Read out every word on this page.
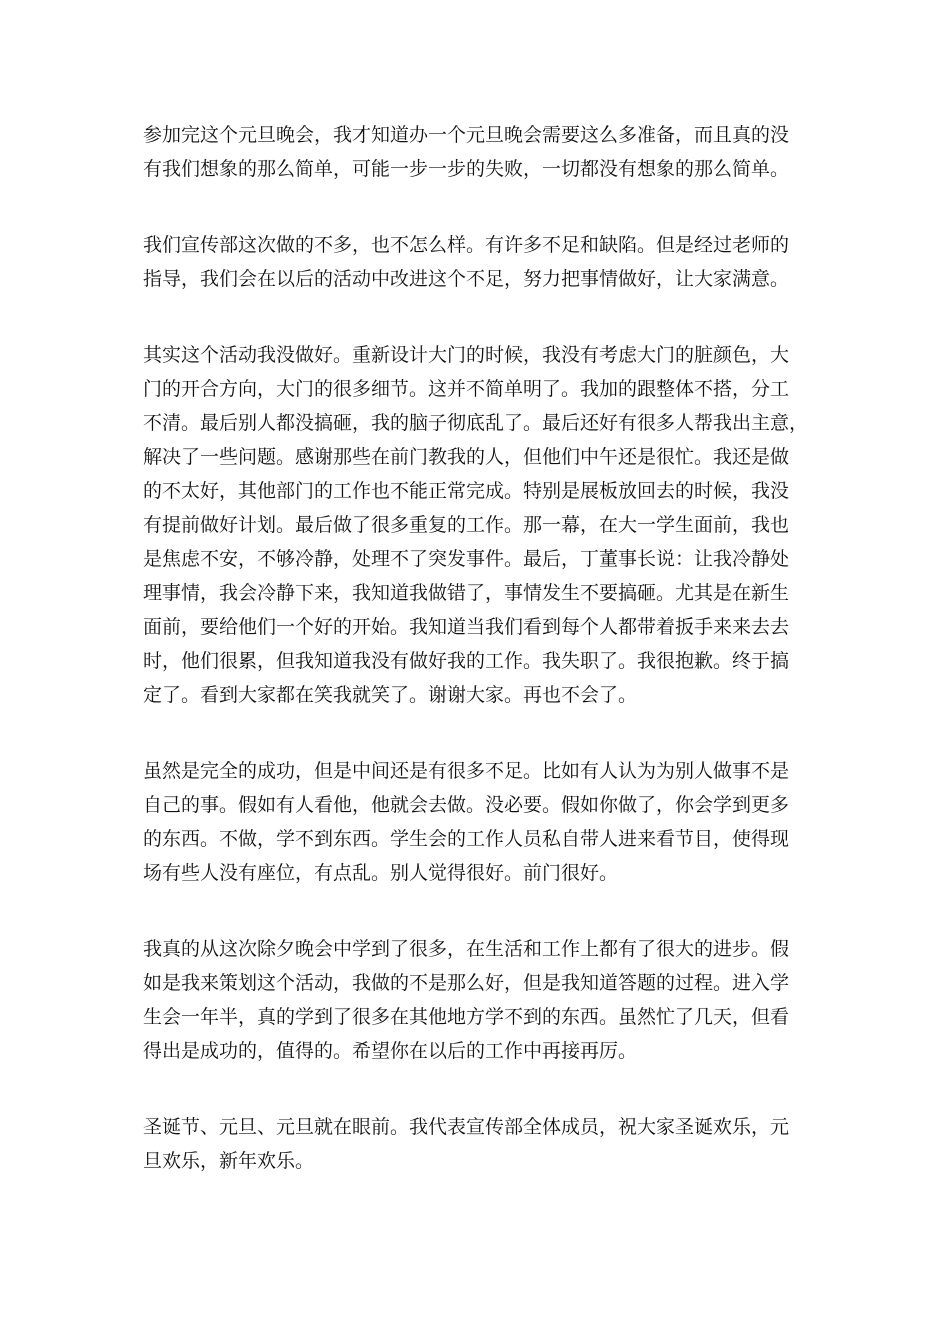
参加完这个元旦晚会，我才知道办一个元旦晚会需要这么多准备，而且真的没
有我们想象的那么简单，可能一步一步的失败，一切都没有想象的那么简单。

我们宣传部这次做的不多，也不怎么样。有许多不足和缺陷。但是经过老师的
指导，我们会在以后的活动中改进这个不足，努力把事情做好，让大家满意。

其实这个活动我没做好。重新设计大门的时候，我没有考虑大门的脏颜色，大
门的开合方向，大门的很多细节。这并不简单明了。我加的跟整体不搭，分工
不清。最后别人都没搞砸，我的脑子彻底乱了。最后还好有很多人帮我出主意，
解决了一些问题。感谢那些在前门教我的人，但他们中午还是很忙。我还是做
的不太好，其他部门的工作也不能正常完成。特别是展板放回去的时候，我没
有提前做好计划。最后做了很多重复的工作。那一幕，在大一学生面前，我也
是焦虑不安，不够冷静，处理不了突发事件。最后，丁董事长说：让我冷静处
理事情，我会冷静下来，我知道我做错了，事情发生不要搞砸。尤其是在新生
面前，要给他们一个好的开始。我知道当我们看到每个人都带着扳手来来去去
时，他们很累，但我知道我没有做好我的工作。我失职了。我很抱歉。终于搞
定了。看到大家都在笑我就笑了。谢谢大家。再也不会了。

虽然是完全的成功，但是中间还是有很多不足。比如有人认为为别人做事不是
自己的事。假如有人看他，他就会去做。没必要。假如你做了，你会学到更多
的东西。不做，学不到东西。学生会的工作人员私自带人进来看节目，使得现
场有些人没有座位，有点乱。别人觉得很好。前门很好。

我真的从这次除夕晚会中学到了很多，在生活和工作上都有了很大的进步。假
如是我来策划这个活动，我做的不是那么好，但是我知道答题的过程。进入学
生会一年半，真的学到了很多在其他地方学不到的东西。虽然忙了几天，但看
得出是成功的，值得的。希望你在以后的工作中再接再厉。

圣诞节、元旦、元旦就在眼前。我代表宣传部全体成员，祝大家圣诞欢乐，元
旦欢乐，新年欢乐。
